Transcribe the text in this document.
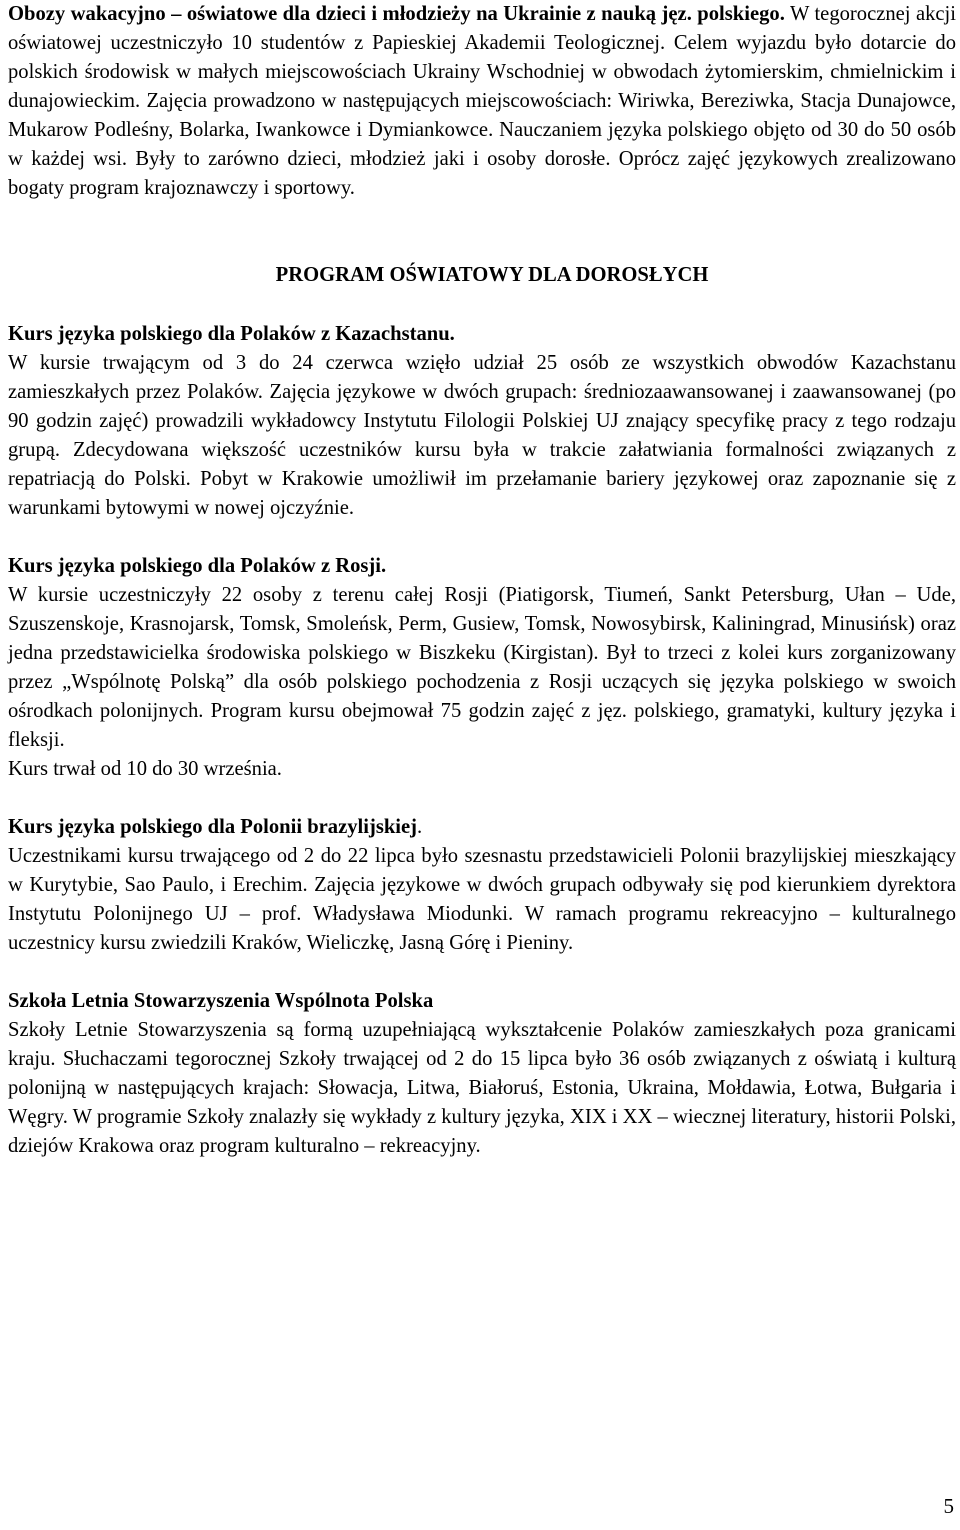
Obozy wakacyjno – oświatowe dla dzieci i młodzieży na Ukrainie z nauką jęz. polskiego. W tegorocznej akcji oświatowej uczestniczyło 10 studentów z Papieskiej Akademii Teologicznej. Celem wyjazdu było dotarcie do polskich środowisk w małych miejscowościach Ukrainy Wschodniej w obwodach żytomierskim, chmielnickim i dunajowieckim. Zajęcia prowadzono w następujących miejscowościach: Wiriwka, Bereziwka, Stacja Dunajowce, Mukarow Podleśny, Bolarka, Iwankowce i Dymiankowce. Nauczaniem języka polskiego objęto od 30 do 50 osób w każdej wsi. Były to zarówno dzieci, młodzież jaki i osoby dorosłe. Oprócz zajęć językowych zrealizowano bogaty program krajoznawczy i sportowy.

PROGRAM OŚWIATOWY DLA DOROSŁYCH

Kurs języka polskiego dla Polaków z Kazachstanu.

W kursie trwającym od 3 do 24 czerwca wzięło udział 25 osób ze wszystkich obwodów Kazachstanu zamieszkałych przez Polaków. Zajęcia językowe w dwóch grupach: średniozaawansowanej i zaawansowanej (po 90 godzin zajęć) prowadzili wykładowcy Instytutu Filologii Polskiej UJ znający specyfikę pracy z tego rodzaju grupą. Zdecydowana większość uczestników kursu była w trakcie załatwiania formalności związanych z repatriacją do Polski. Pobyt w Krakowie umożliwił im przełamanie bariery językowej oraz zapoznanie się z warunkami bytowymi w nowej ojczyźnie.

Kurs języka polskiego dla Polaków z Rosji.

W kursie uczestniczyły 22 osoby z terenu całej Rosji (Piatigorsk, Tiumeń, Sankt Petersburg, Ułan – Ude, Szuszenskoje, Krasnojarsk, Tomsk, Smoleńsk, Perm, Gusiew, Tomsk, Nowosybirsk, Kaliningrad, Minusińsk) oraz jedna przedstawicielka środowiska polskiego w Biszkeku (Kirgistan). Był to trzeci z kolei kurs zorganizowany przez „Wspólnotę Polską” dla osób polskiego pochodzenia z Rosji uczących się języka polskiego w swoich ośrodkach polonijnych. Program kursu obejmował 75 godzin zajęć z jęz. polskiego, gramatyki, kultury języka i fleksji.

Kurs trwał od 10 do 30 września.

Kurs języka polskiego dla Polonii brazylijskiej.

Uczestnikami kursu trwającego od 2 do 22 lipca było szesnastu przedstawicieli Polonii brazylijskiej mieszkający w Kurytybie, Sao Paulo, i Erechim. Zajęcia językowe w dwóch grupach odbywały się pod kierunkiem dyrektora Instytutu Polonijnego UJ – prof. Władysława Miodunki. W ramach programu rekreacyjno – kulturalnego uczestnicy kursu zwiedzili Kraków, Wieliczkę, Jasną Górę i Pieniny.

Szkoła Letnia Stowarzyszenia Wspólnota Polska

Szkoły Letnie Stowarzyszenia są formą uzupełniającą wykształcenie Polaków zamieszkałych poza granicami kraju. Słuchaczami tegorocznej Szkoły trwającej od 2 do 15 lipca było 36 osób związanych z oświatą i kulturą polonijną w następujących krajach: Słowacja, Litwa, Białoruś, Estonia, Ukraina, Mołdawia, Łotwa, Bułgaria i Węgry. W programie Szkoły znalazły się wykłady z kultury języka, XIX i XX – wiecznej literatury, historii Polski, dziejów Krakowa oraz program kulturalno – rekreacyjny.

5
